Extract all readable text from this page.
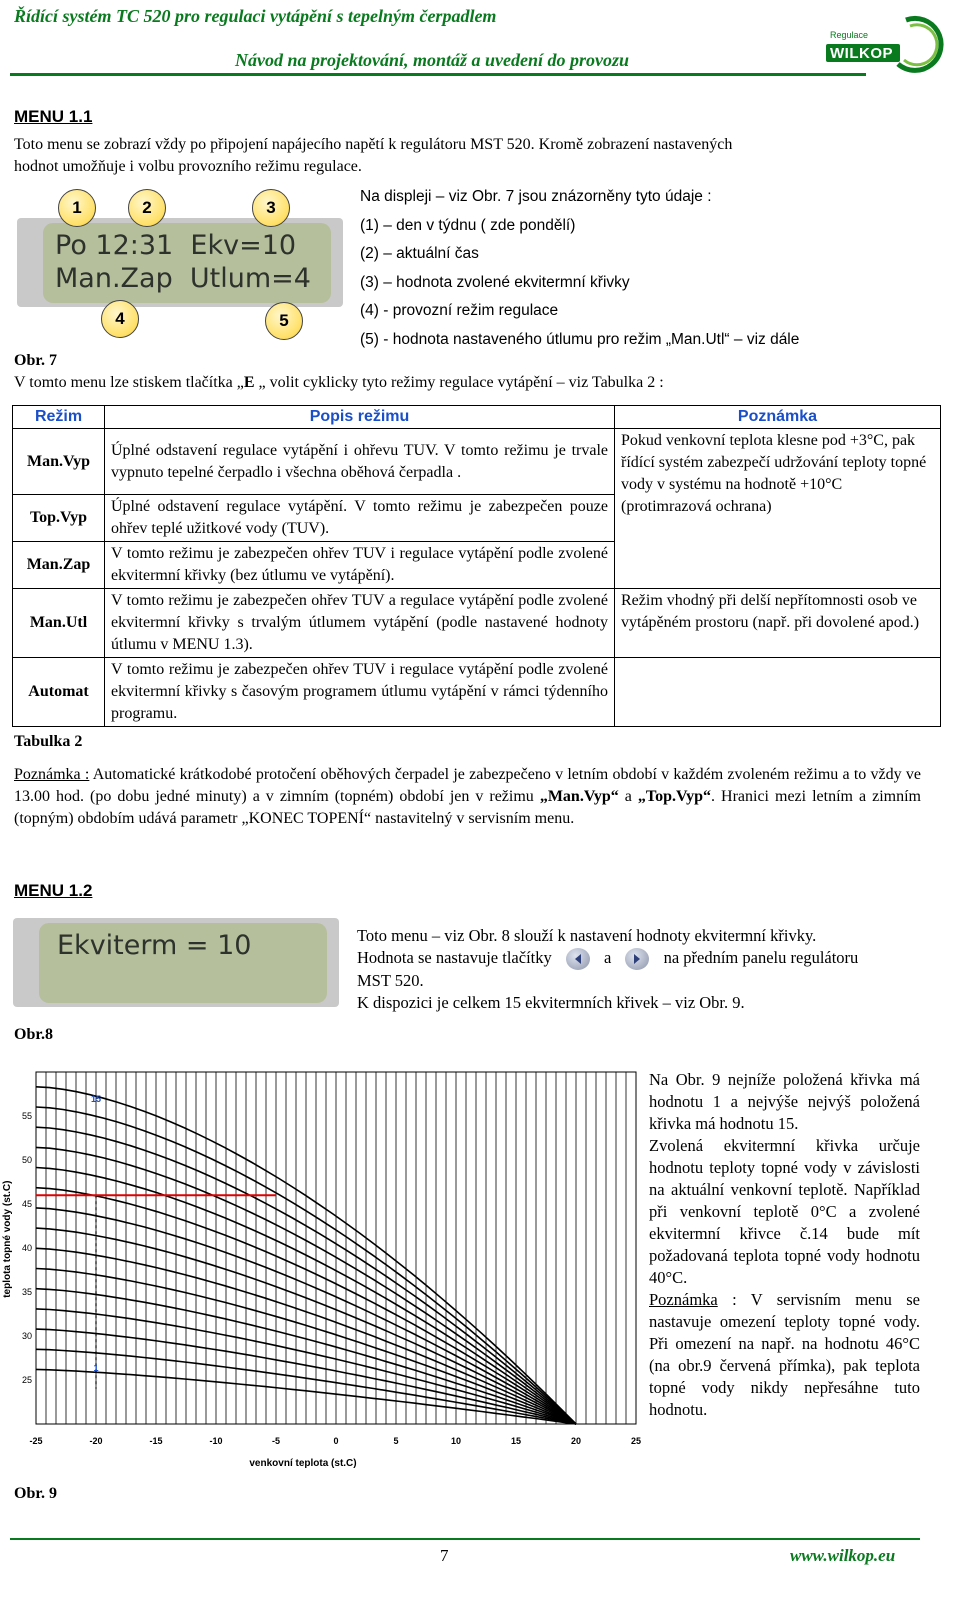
Řídící systém TC 520 pro regulaci vytápění s tepelným čerpadlem
Návod na projektování, montáž a uvedení do provozu
Regulace
WILKOP
MENU 1.1
Toto menu se zobrazí vždy po připojení napájecího napětí k regulátoru MST 520. Kromě zobrazení nastavených
hodnot umožňuje i volbu provozního režimu regulace.
Po 12:31  Ekv=10
Man.Zap  Utlum=4
1	2	3
4	5
Na displeji – viz Obr. 7 jsou znázorněny tyto údaje :
(1) – den v týdnu ( zde pondělí)
(2) – aktuální čas
(3) – hodnota zvolené ekvitermní křivky
(4) - provozní režim regulace
(5) - hodnota nastaveného útlumu pro režim „Man.Utl“ – viz dále
Obr. 7
V tomto menu lze stiskem tlačítka „E „ volit cyklicky tyto režimy regulace vytápění – viz Tabulka 2 :
Režim	Popis režimu	Poznámka
Man.Vyp	Úplné odstavení regulace vytápění i ohřevu TUV. V tomto režimu je trvale vypnuto tepelné čerpadlo i všechna oběhová čerpadla .	Pokud venkovní teplota klesne pod +3°C, pak řídící systém zabezpečí udržování teploty topné vody v systému na hodnotě +10°C (protimrazová ochrana)
Top.Vyp	Úplné odstavení regulace vytápění. V tomto režimu je zabezpečen pouze ohřev teplé užitkové vody (TUV).	
Man.Zap	V tomto režimu je zabezpečen ohřev TUV i regulace vytápění podle zvolené ekvitermní křivky (bez útlumu ve vytápění).	
Man.Utl	V tomto režimu je zabezpečen ohřev TUV a regulace vytápění podle zvolené ekvitermní křivky s trvalým útlumem vytápění (podle nastavené hodnoty útlumu v MENU 1.3).	Režim vhodný při delší nepřítomnosti osob ve vytápěném prostoru (např. při dovolené apod.)
Automat	V tomto režimu je zabezpečen ohřev TUV i regulace vytápění podle zvolené ekvitermní křivky s časovým programem útlumu vytápění v rámci týdenního programu.	
Tabulka 2
Poznámka : Automatické krátkodobé protočení oběhových čerpadel je zabezpečeno v letním období v každém zvoleném režimu a to vždy ve 13.00 hod. (po dobu jedné minuty) a v zimním (topném) období jen v režimu „Man.Vyp“ a „Top.Vyp“. Hranici mezi letním a zimním (topným) obdobím udává parametr „KONEC TOPENÍ“ nastavitelný v servisním menu.
MENU 1.2
Ekviterm = 10	Toto menu – viz Obr. 8 slouží k nastavení hodnoty ekvitermní křivky.
Hodnota se nastavuje tlačítky	a	na předním panelu regulátoru
MST 520.
K dispozici je celkem 15 ekvitermních křivek – viz Obr. 9.
Obr.8
25
30
35
40
45
50
55
-25	-20	-15	-10	-5	0	5	10	15	20	25
15
1
venkovní teplota (st.C)
teplota topné vody (st.C)
Obr. 9
Na Obr. 9 nejníže položená křivka má hodnotu 1 a nejvýše nejvýš položená křivka má hodnotu 15.
Zvolená ekvitermní křivka určuje hodnotu teploty topné vody v závislosti na aktuální venkovní teplotě. Například při venkovní teplotě 0°C a zvolené ekvitermní křivce č.14 bude mít požadovaná teplota topné vody hodnotu 40°C.
Poznámka : V servisním menu se nastavuje omezení teploty topné vody. Při omezení na např. na hodnotu 46°C (na obr.9 červená přímka), pak teplota topné vody nikdy nepřesáhne tuto hodnotu.
7	www.wilkop.eu
